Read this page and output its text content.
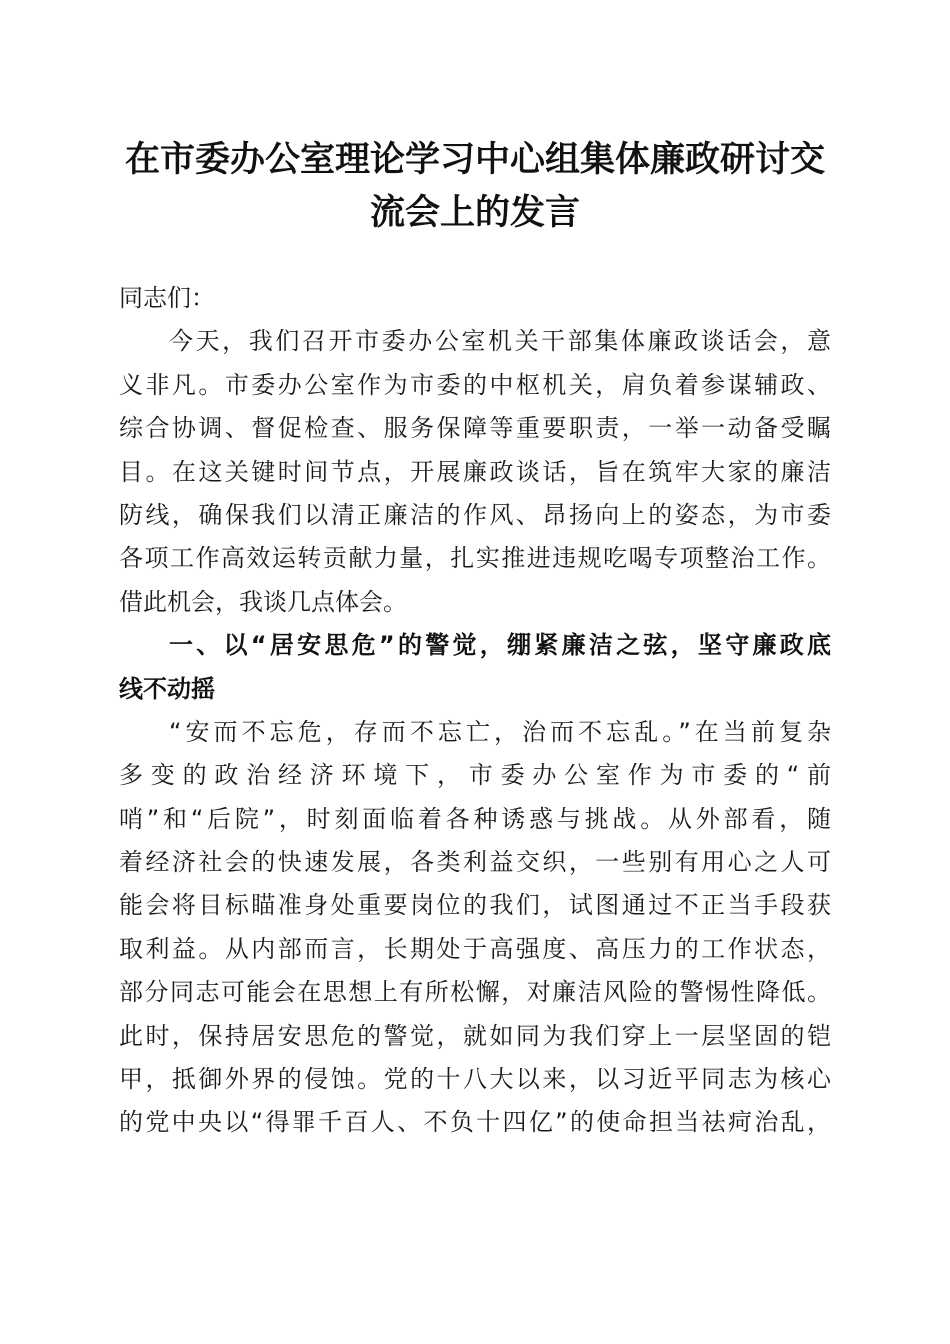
在市委办公室理论学习中心组集体廉政研讨交
流会上的发言
同志们：
今天，我们召开市委办公室机关干部集体廉政谈话会，意
义非凡。市委办公室作为市委的中枢机关，肩负着参谋辅政、
综合协调、督促检查、服务保障等重要职责，一举一动备受瞩
目。在这关键时间节点，开展廉政谈话，旨在筑牢大家的廉洁
防线，确保我们以清正廉洁的作风、昂扬向上的姿态，为市委
各项工作高效运转贡献力量，扎实推进违规吃喝专项整治工作。
借此机会，我谈几点体会。
一、以“居安思危”的警觉，绷紧廉洁之弦，坚守廉政底
线不动摇
“安而不忘危，存而不忘亡，治而不忘乱。”在当前复杂
多变的政治经济环境下，市委办公室作为市委的“前
哨”和“后院”，时刻面临着各种诱惑与挑战。从外部看，随
着经济社会的快速发展，各类利益交织，一些别有用心之人可
能会将目标瞄准身处重要岗位的我们，试图通过不正当手段获
取利益。从内部而言，长期处于高强度、高压力的工作状态，
部分同志可能会在思想上有所松懈，对廉洁风险的警惕性降低。
此时，保持居安思危的警觉，就如同为我们穿上一层坚固的铠
甲，抵御外界的侵蚀。党的十八大以来，以习近平同志为核心
的党中央以“得罪千百人、不负十四亿”的使命担当祛疴治乱，
